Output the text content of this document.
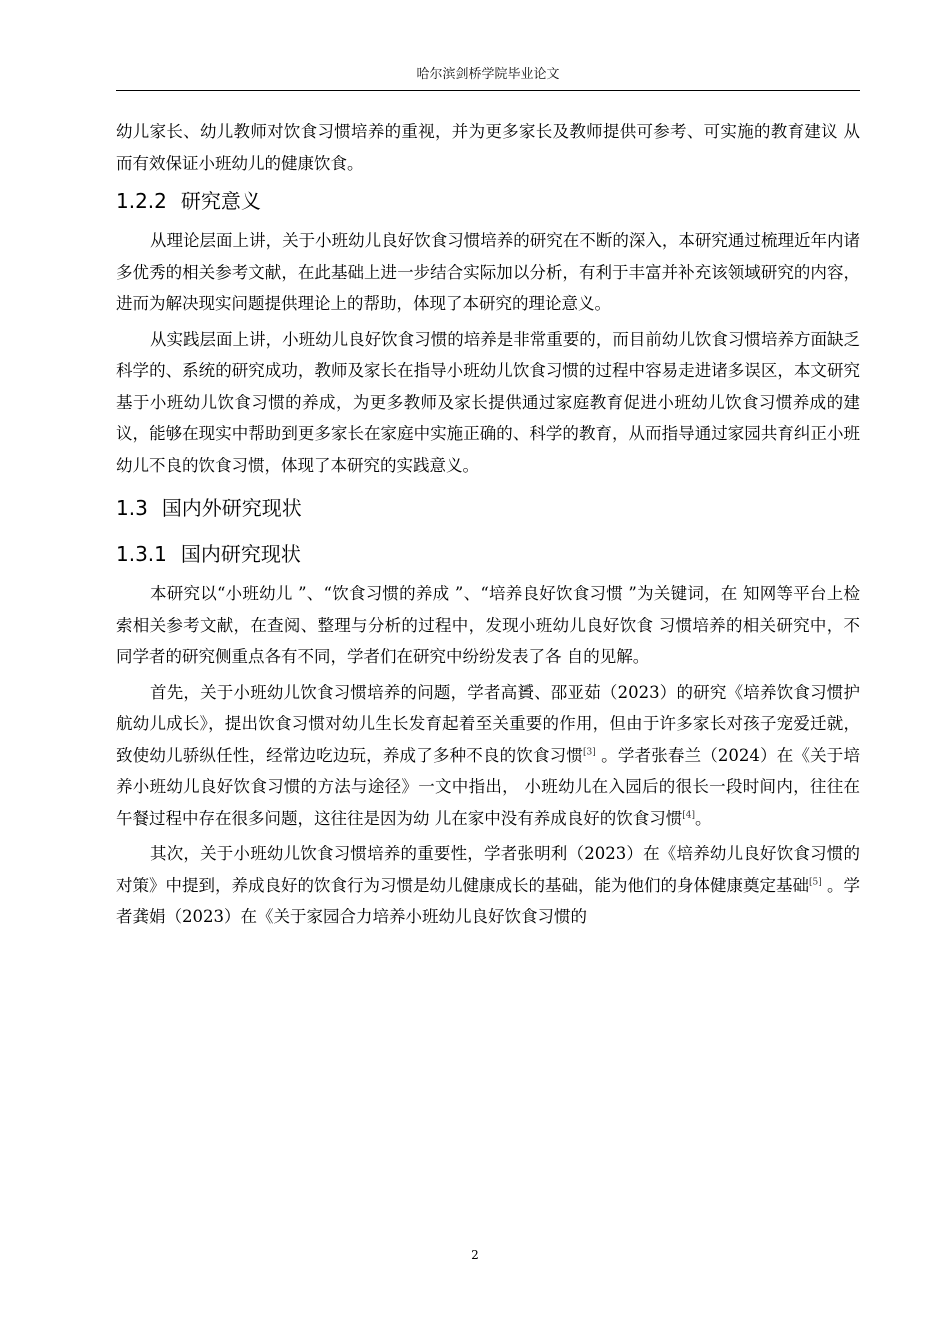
哈尔滨剑桥学院毕业论文

幼儿家长、幼儿教师对饮食习惯培养的重视，并为更多家长及教师提供可参考、可实施的教育建议 从而有效保证小班幼儿的健康饮食。

1.2.2 研究意义

从理论层面上讲，关于小班幼儿良好饮食习惯培养的研究在不断的深入，本研究通过梳理近年内诸多优秀的相关参考文献，在此基础上进一步结合实际加以分析，有利于丰富并补充该领域研究的内容，进而为解决现实问题提供理论上的帮助，体现了本研究的理论意义。

从实践层面上讲，小班幼儿良好饮食习惯的培养是非常重要的，而目前幼儿饮食习惯培养方面缺乏科学的、系统的研究成功，教师及家长在指导小班幼儿饮食习惯的过程中容易走进诸多误区，本文研究基于小班幼儿饮食习惯的养成，为更多教师及家长提供通过家庭教育促进小班幼儿饮食习惯养成的建议，能够在现实中帮助到更多家长在家庭中实施正确的、科学的教育，从而指导通过家园共育纠正小班幼儿不良的饮食习惯，体现了本研究的实践意义。

1.3 国内外研究现状
1.3.1 国内研究现状

本研究以“小班幼儿 ”、“饮食习惯的养成 ”、“培养良好饮食习惯 ”为关键词，在 知网等平台上检索相关参考文献，在查阅、整理与分析的过程中，发现小班幼儿良好饮食 习惯培养的相关研究中，不同学者的研究侧重点各有不同，学者们在研究中纷纷发表了各 自的见解。

首先，关于小班幼儿饮食习惯培养的问题，学者高贇、邵亚茹（2023）的研究《培养饮食习惯护航幼儿成长》，提出饮食习惯对幼儿生长发育起着至关重要的作用，但由于许多家长对孩子宠爱迁就，致使幼儿骄纵任性，经常边吃边玩，养成了多种不良的饮食习惯[3] 。学者张春兰（2024）在《关于培养小班幼儿良好饮食习惯的方法与途径》一文中指出， 小班幼儿在入园后的很长一段时间内，往往在午餐过程中存在很多问题，这往往是因为幼 儿在家中没有养成良好的饮食习惯[4]。

其次，关于小班幼儿饮食习惯培养的重要性，学者张明利（2023）在《培养幼儿良好饮食习惯的对策》中提到，养成良好的饮食行为习惯是幼儿健康成长的基础，能为他们的身体健康奠定基础[5] 。学者龚娟（2023）在《关于家园合力培养小班幼儿良好饮食习惯的

2
